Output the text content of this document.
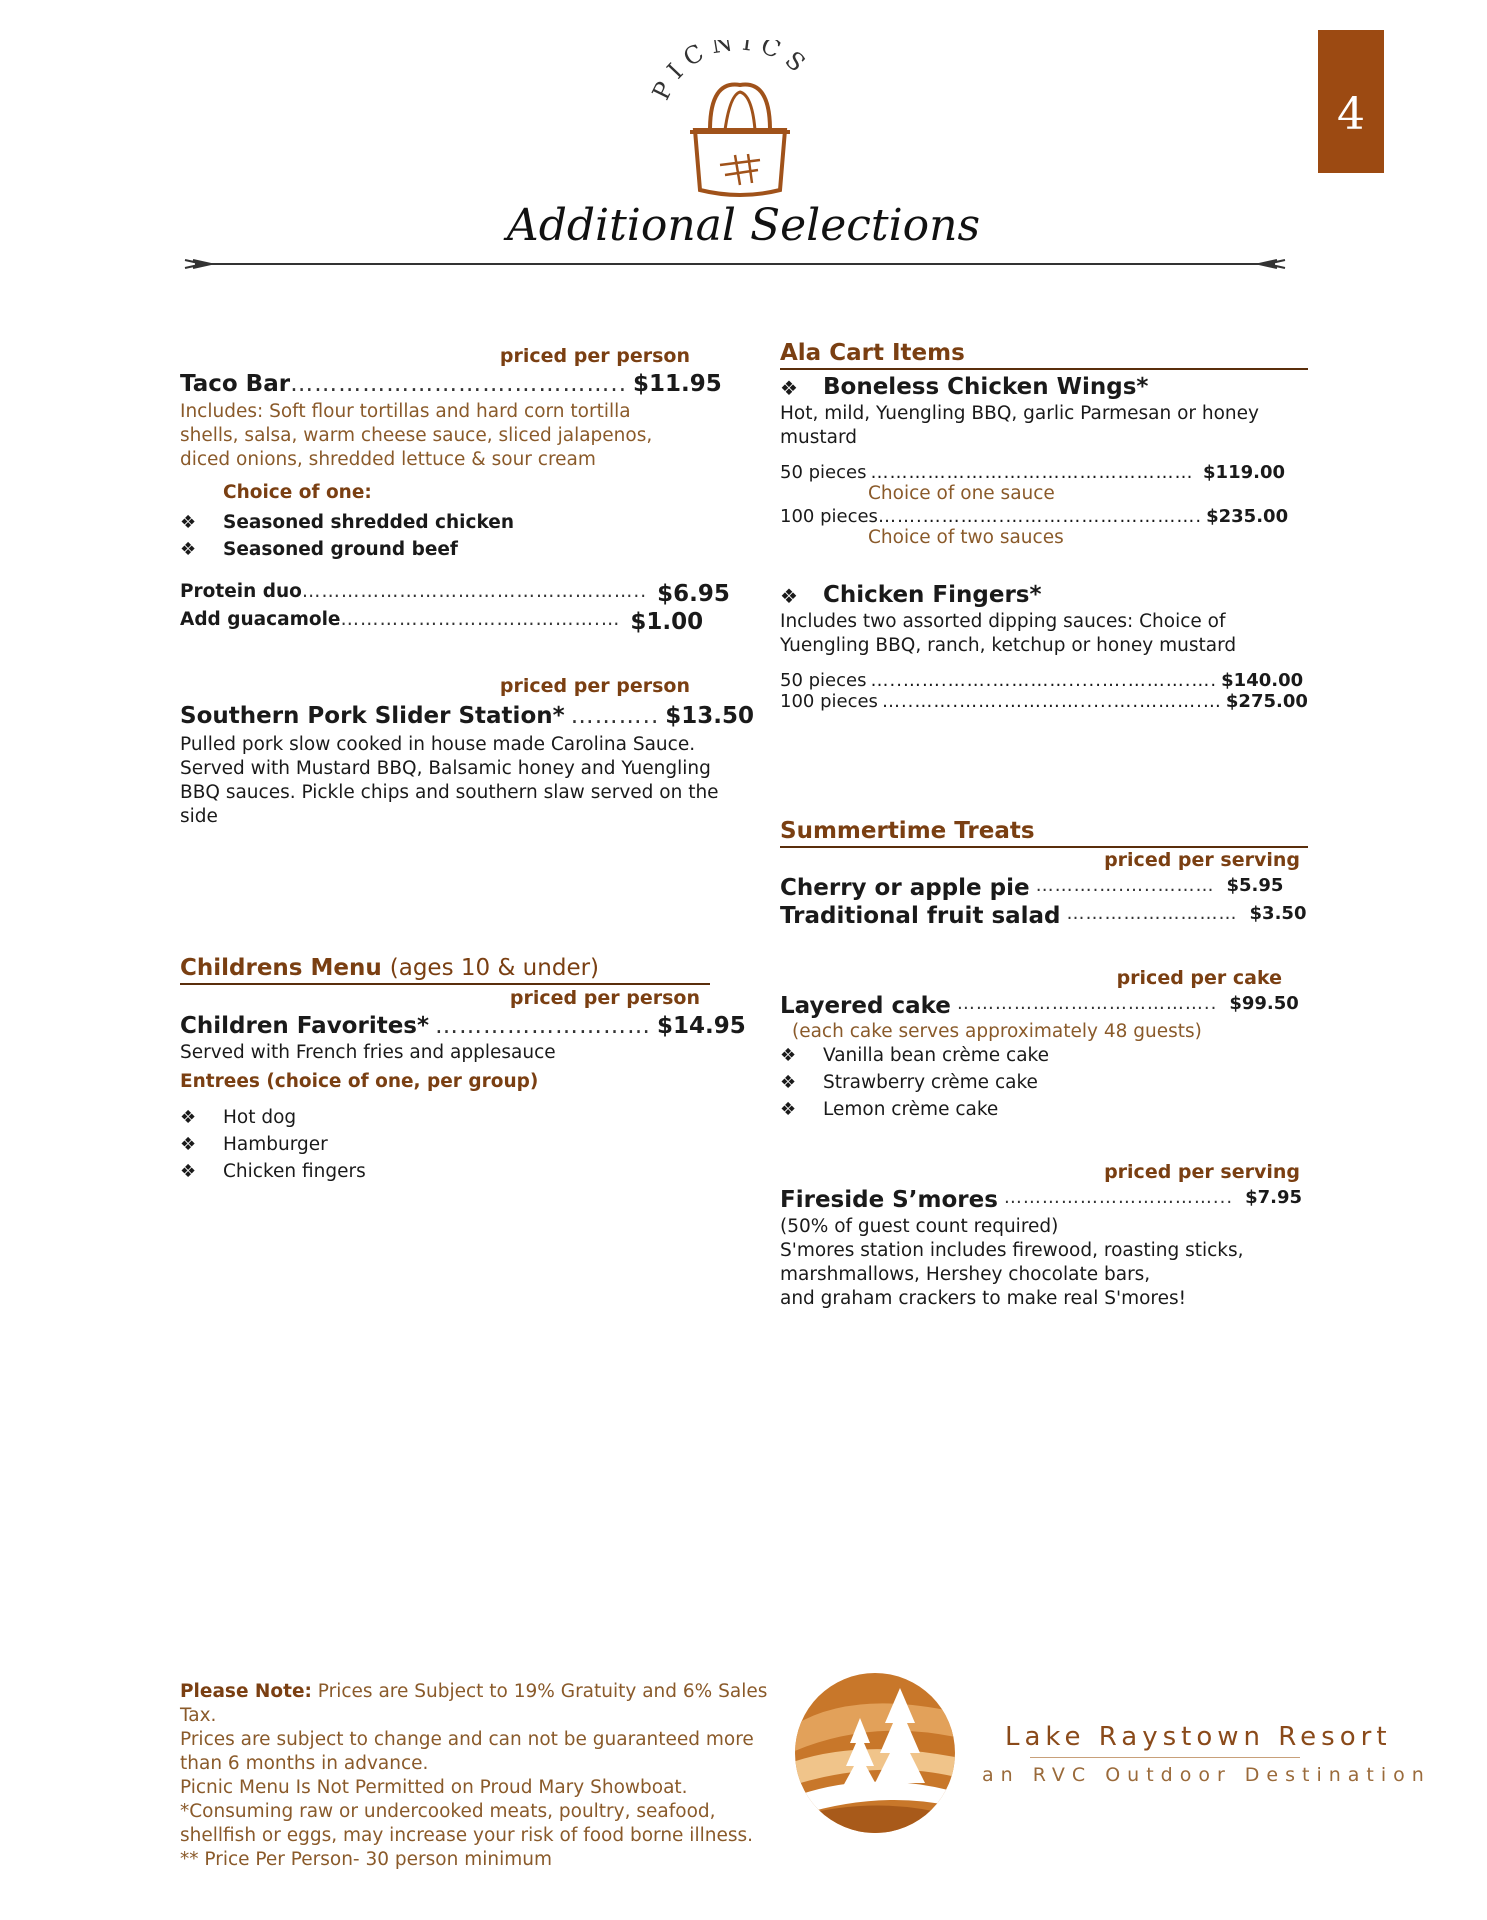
4
PICNICS
Additional Selections
priced per person
Taco Bar ……………………….………….. $11.95
Includes: Soft flour tortillas and hard corn tortilla shells, salsa, warm cheese sauce, sliced jalapenos, diced onions, shredded lettuce & sour cream
Choice of one:
❖ Seasoned shredded chicken
❖ Seasoned ground beef
Protein duo …………………………………………….. $6.95
Add guacamole ………………………………….… $1.00
priced per person
Southern Pork Slider Station* ……….. $13.50
Pulled pork slow cooked in house made Carolina Sauce. Served with Mustard BBQ, Balsamic honey and Yuengling BBQ sauces. Pickle chips and southern slaw served on the side
Childrens Menu (ages 10 & under)
priced per person
Children Favorites* ……………………… $14.95
Served with French fries and applesauce
Entrees (choice of one, per group)
❖ Hot dog
❖ Hamburger
❖ Chicken fingers
Ala Cart Items
❖ Boneless Chicken Wings*
Hot, mild, Yuengling BBQ, garlic Parmesan or honey mustard
50 pieces …………………………………………… $119.00
Choice of one sauce
100 pieces …….………….…………………………. $235.00
Choice of two sauces
❖ Chicken Fingers*
Includes two assorted dipping sauces: Choice of Yuengling BBQ, ranch, ketchup or honey mustard
50 pieces …..…….…….………….....….……….…. $140.00
100 pieces …..…….…….………….....….……….… $275.00
Summertime Treats
priced per serving
Cherry or apple pie ……….….…..……… $5.95
Traditional fruit salad ……………………… $3.50
priced per cake
Layered cake ………………………………….. $99.50
(each cake serves approximately 48 guests)
❖ Vanilla bean crème cake
❖ Strawberry crème cake
❖ Lemon crème cake
priced per serving
Fireside S’mores ……………………………... $7.95
(50% of guest count required)
S'mores station includes firewood, roasting sticks,
marshmallows, Hershey chocolate bars,
and graham crackers to make real S'mores!
Please Note: Prices are Subject to 19% Gratuity and 6% Sales Tax.
Prices are subject to change and can not be guaranteed more
than 6 months in advance.
Picnic Menu Is Not Permitted on Proud Mary Showboat.
*Consuming raw or undercooked meats, poultry, seafood,
shellfish or eggs, may increase your risk of food borne illness.
** Price Per Person- 30 person minimum
Lake Raystown Resort
an RVC Outdoor Destination
